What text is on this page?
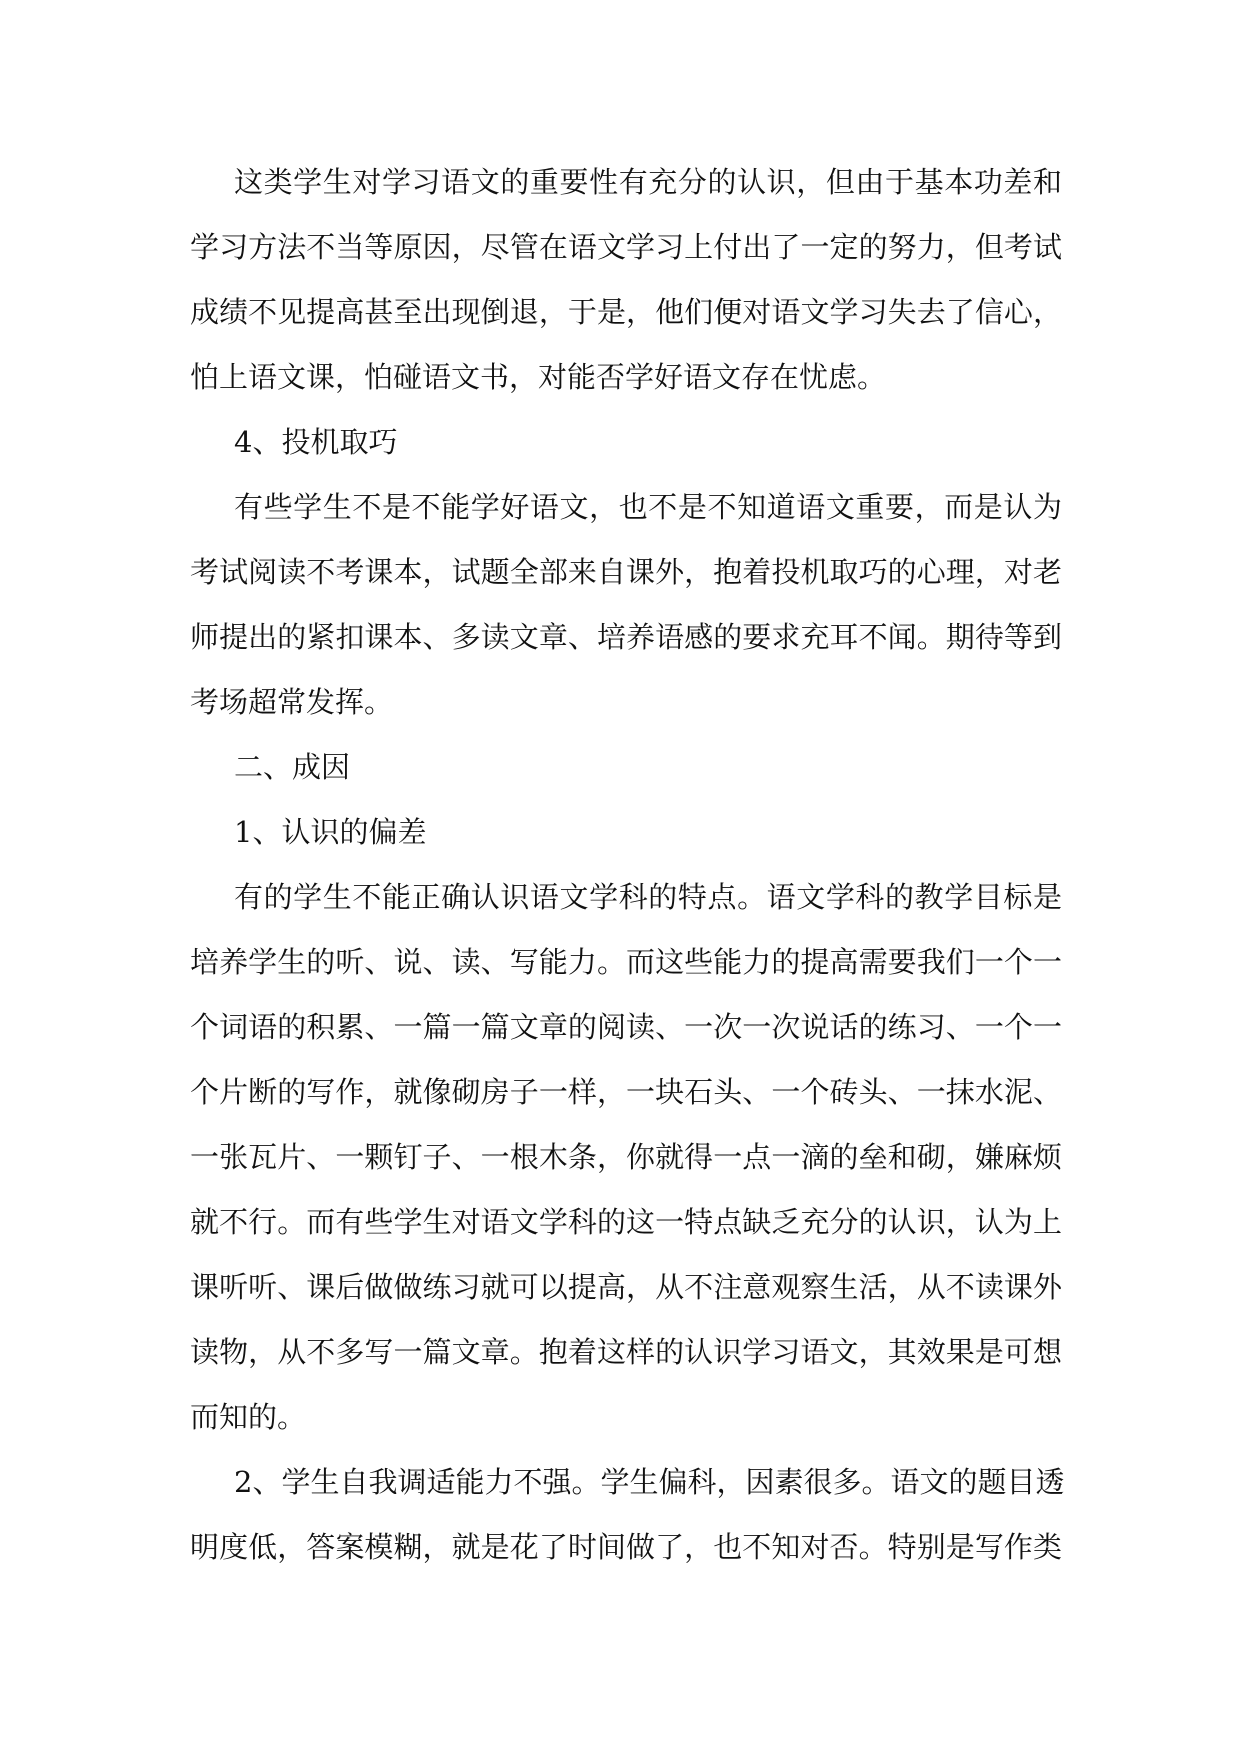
这类学生对学习语文的重要性有充分的认识，但由于基本功差和
学习方法不当等原因，尽管在语文学习上付出了一定的努力，但考试
成绩不见提高甚至出现倒退，于是，他们便对语文学习失去了信心，
怕上语文课，怕碰语文书，对能否学好语文存在忧虑。
4、投机取巧
有些学生不是不能学好语文，也不是不知道语文重要，而是认为
考试阅读不考课本，试题全部来自课外，抱着投机取巧的心理，对老
师提出的紧扣课本、多读文章、培养语感的要求充耳不闻。期待等到
考场超常发挥。
二、成因
1、认识的偏差
有的学生不能正确认识语文学科的特点。语文学科的教学目标是
培养学生的听、说、读、写能力。而这些能力的提高需要我们一个一
个词语的积累、一篇一篇文章的阅读、一次一次说话的练习、一个一
个片断的写作，就像砌房子一样，一块石头、一个砖头、一抹水泥、
一张瓦片、一颗钉子、一根木条，你就得一点一滴的垒和砌，嫌麻烦
就不行。而有些学生对语文学科的这一特点缺乏充分的认识，认为上
课听听、课后做做练习就可以提高，从不注意观察生活，从不读课外
读物，从不多写一篇文章。抱着这样的认识学习语文，其效果是可想
而知的。
2、学生自我调适能力不强。学生偏科，因素很多。语文的题目透
明度低，答案模糊，就是花了时间做了，也不知对否。特别是写作类
